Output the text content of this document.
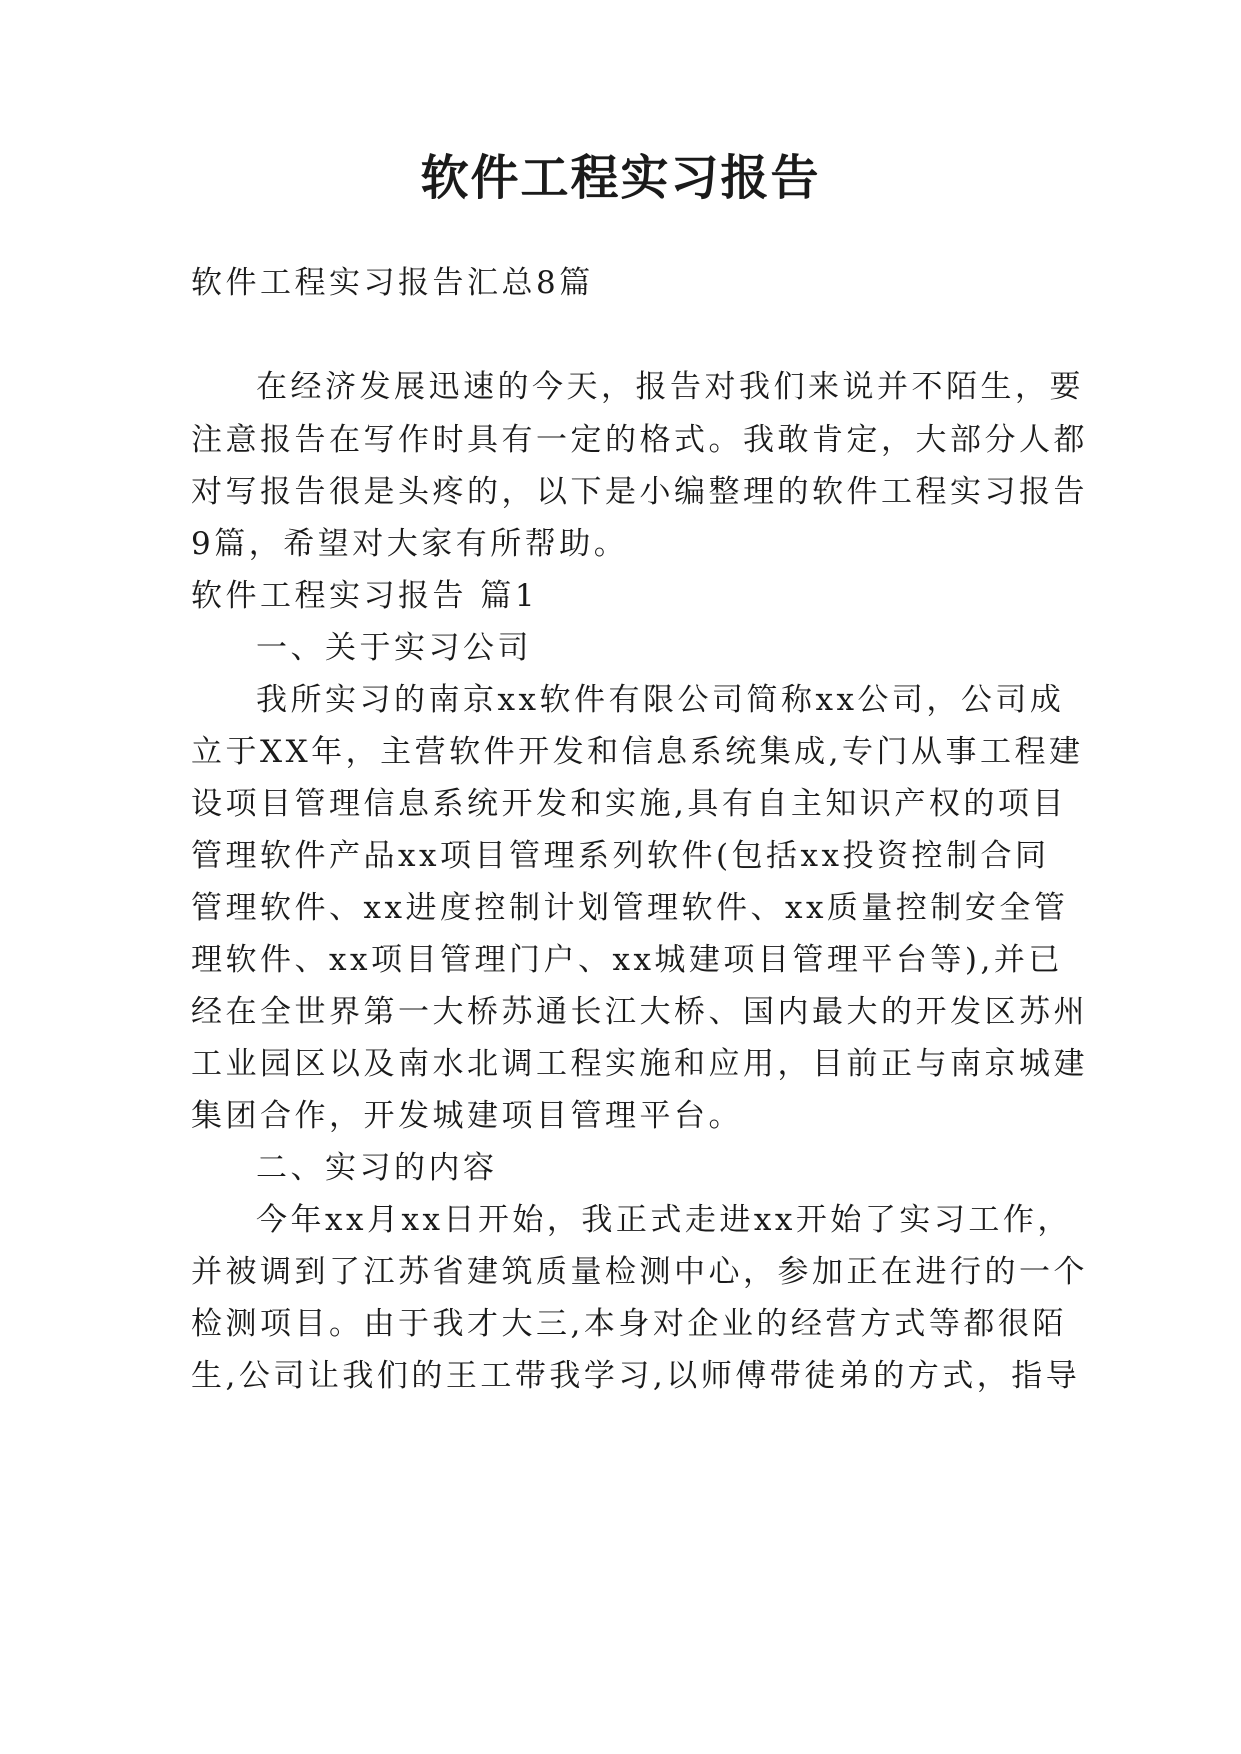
软件工程实习报告

软件工程实习报告汇总8篇

在经济发展迅速的今天，报告对我们来说并不陌生，要

注意报告在写作时具有一定的格式。我敢肯定，大部分人都

对写报告很是头疼的，以下是小编整理的软件工程实习报告

9篇，希望对大家有所帮助。

软件工程实习报告 篇1

一、关于实习公司

我所实习的南京xx软件有限公司简称xx公司，公司成

立于XX年，主营软件开发和信息系统集成,专门从事工程建

设项目管理信息系统开发和实施,具有自主知识产权的项目

管理软件产品xx项目管理系列软件(包括xx投资控制合同

管理软件、xx进度控制计划管理软件、xx质量控制安全管

理软件、xx项目管理门户、xx城建项目管理平台等),并已

经在全世界第一大桥苏通长江大桥、国内最大的开发区苏州

工业园区以及南水北调工程实施和应用，目前正与南京城建

集团合作，开发城建项目管理平台。

二、实习的内容

今年xx月xx日开始，我正式走进xx开始了实习工作，

并被调到了江苏省建筑质量检测中心，参加正在进行的一个

检测项目。由于我才大三,本身对企业的经营方式等都很陌

生,公司让我们的王工带我学习,以师傅带徒弟的方式，指导
